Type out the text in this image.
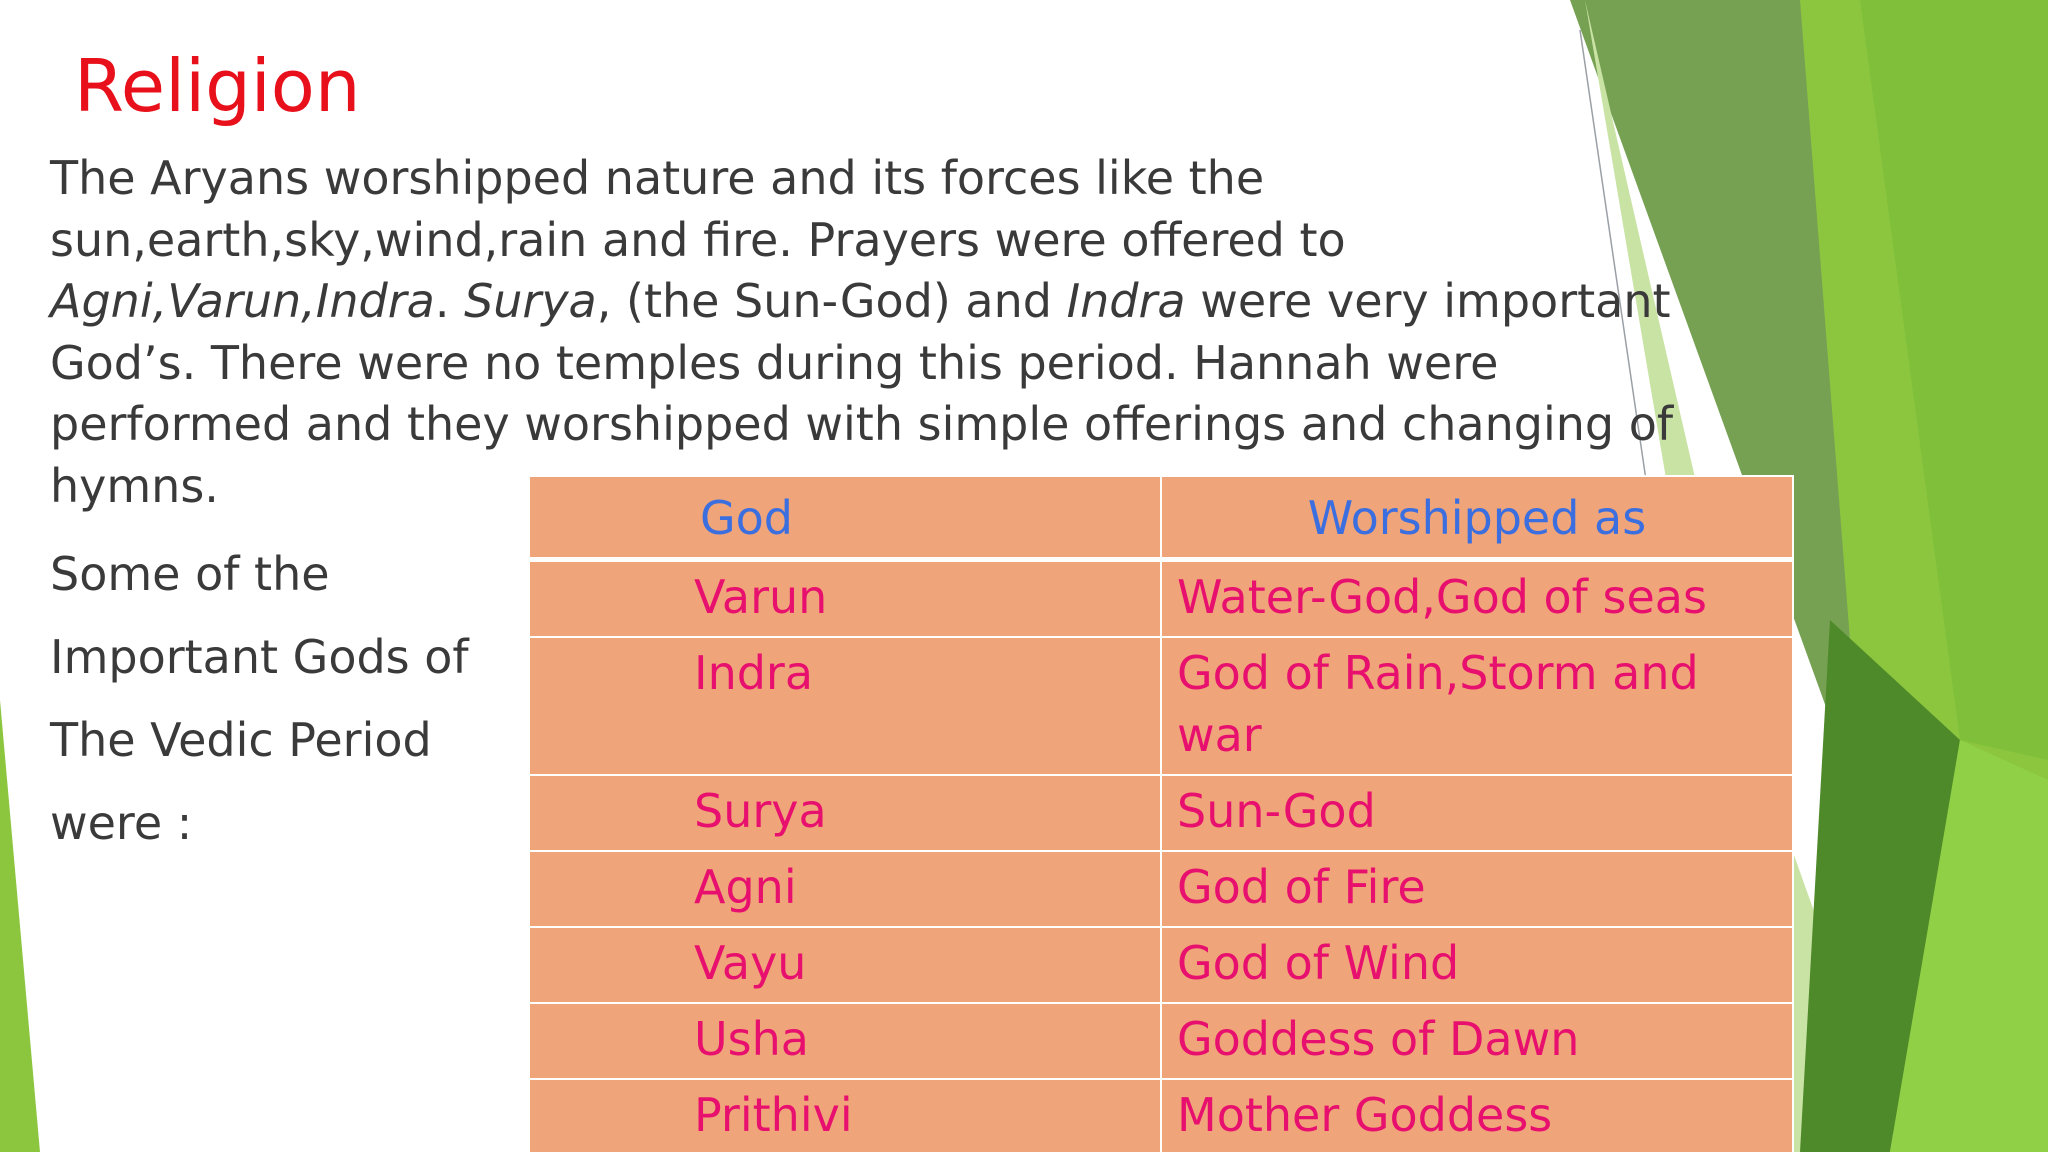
Religion
The Aryans worshipped nature and its forces like the sun,earth,sky,wind,rain and fire. Prayers were offered to Agni,Varun,Indra. Surya, (the Sun-God) and Indra were very important God’s. There were no temples during this period. Hannah were performed and they worshipped with simple offerings and changing of hymns.
Some of the
Important Gods of
The Vedic Period
were :
God	Worshipped as
Varun	Water-God,God of seas
Indra	God of Rain,Storm and war
Surya	Sun-God
Agni	God of Fire
Vayu	God of Wind
Usha	Goddess of Dawn
Prithivi	Mother Goddess
